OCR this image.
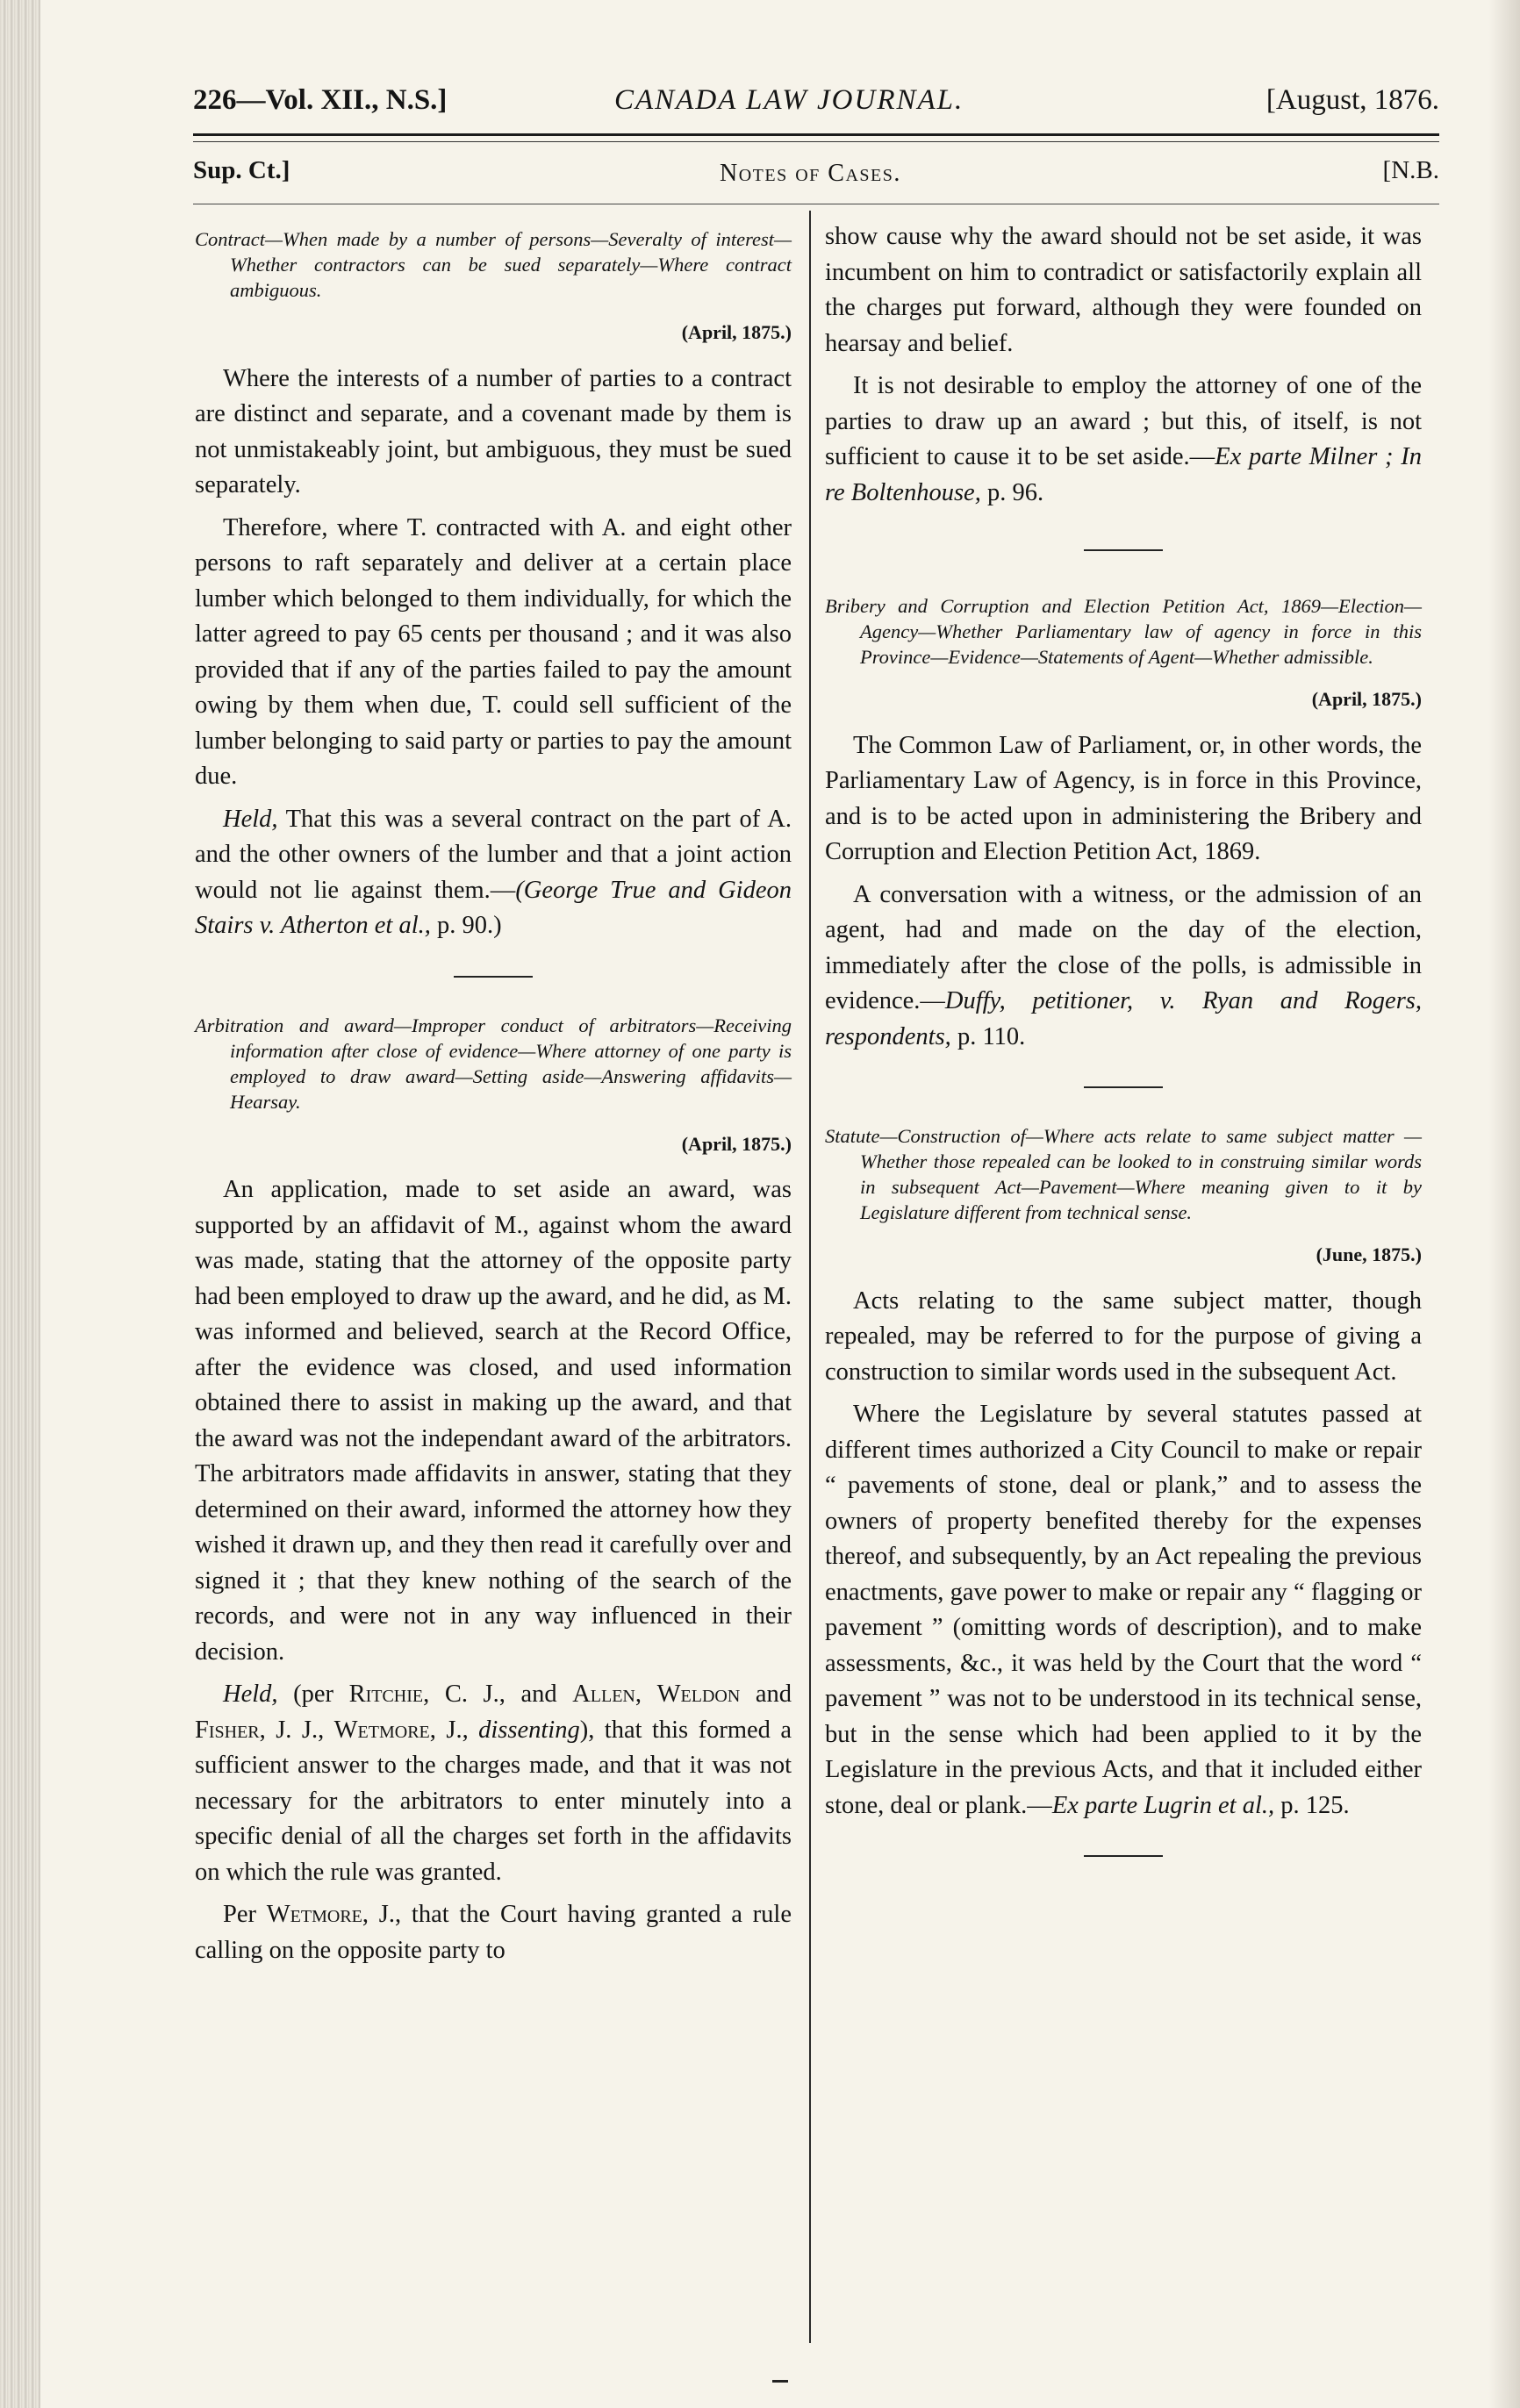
226—Vol. XII., N.S.]	CANADA LAW JOURNAL.	[August, 1876.
Sup. Ct.]	Notes of Cases.	[N.B.
Contract—When made by a number of persons—Severalty of interest—Whether contractors can be sued separately—Where contract ambiguous.
(April, 1875.)

Where the interests of a number of parties to a contract are distinct and separate, and a covenant made by them is not unmistakeably joint, but ambiguous, they must be sued separately.

Therefore, where T. contracted with A. and eight other persons to raft separately and deliver at a certain place lumber which belonged to them individually, for which the latter agreed to pay 65 cents per thousand ; and it was also provided that if any of the parties failed to pay the amount owing by them when due, T. could sell sufficient of the lumber belonging to said party or parties to pay the amount due.

Held, That this was a several contract on the part of A. and the other owners of the lumber and that a joint action would not lie against them.—(George True and Gideon Stairs v. Atherton et al., p. 90.)

Arbitration and award—Improper conduct of arbitrators—Receiving information after close of evidence—Where attorney of one party is employed to draw award—Setting aside—Answering affidavits—Hearsay.
(April, 1875.)

An application, made to set aside an award, was supported by an affidavit of M., against whom the award was made, stating that the attorney of the opposite party had been employed to draw up the award, and he did, as M. was informed and believed, search at the Record Office, after the evidence was closed, and used information obtained there to assist in making up the award, and that the award was not the independant award of the arbitrators. The arbitrators made affidavits in answer, stating that they determined on their award, informed the attorney how they wished it drawn up, and they then read it carefully over and signed it ; that they knew nothing of the search of the records, and were not in any way influenced in their decision.

Held, (per Ritchie, C. J., and Allen, Weldon and Fisher, J. J., Wetmore, J., dissenting), that this formed a sufficient answer to the charges made, and that it was not necessary for the arbitrators to enter minutely into a specific denial of all the charges set forth in the affidavits on which the rule was granted.

Per Wetmore, J., that the Court having granted a rule calling on the opposite party to

show cause why the award should not be set aside, it was incumbent on him to contradict or satisfactorily explain all the charges put forward, although they were founded on hearsay and belief.

It is not desirable to employ the attorney of one of the parties to draw up an award ; but this, of itself, is not sufficient to cause it to be set aside.—Ex parte Milner ; In re Boltenhouse, p. 96.

Bribery and Corruption and Election Petition Act, 1869—Election—Agency—Whether Parliamentary law of agency in force in this Province—Evidence—Statements of Agent—Whether admissible.
(April, 1875.)

The Common Law of Parliament, or, in other words, the Parliamentary Law of Agency, is in force in this Province, and is to be acted upon in administering the Bribery and Corruption and Election Petition Act, 1869.

A conversation with a witness, or the admission of an agent, had and made on the day of the election, immediately after the close of the polls, is admissible in evidence.—Duffy, petitioner, v. Ryan and Rogers, respondents, p. 110.

Statute—Construction of—Where acts relate to same subject matter — Whether those repealed can be looked to in construing similar words in subsequent Act—Pavement—Where meaning given to it by Legislature different from technical sense.
(June, 1875.)

Acts relating to the same subject matter, though repealed, may be referred to for the purpose of giving a construction to similar words used in the subsequent Act.

Where the Legislature by several statutes passed at different times authorized a City Council to make or repair “ pavements of stone, deal or plank,” and to assess the owners of property benefited thereby for the expenses thereof, and subsequently, by an Act repealing the previous enactments, gave power to make or repair any “ flagging or pavement ” (omitting words of description), and to make assessments, &c., it was held by the Court that the word “ pavement ” was not to be understood in its technical sense, but in the sense which had been applied to it by the Legislature in the previous Acts, and that it included either stone, deal or plank.—Ex parte Lugrin et al., p. 125.
